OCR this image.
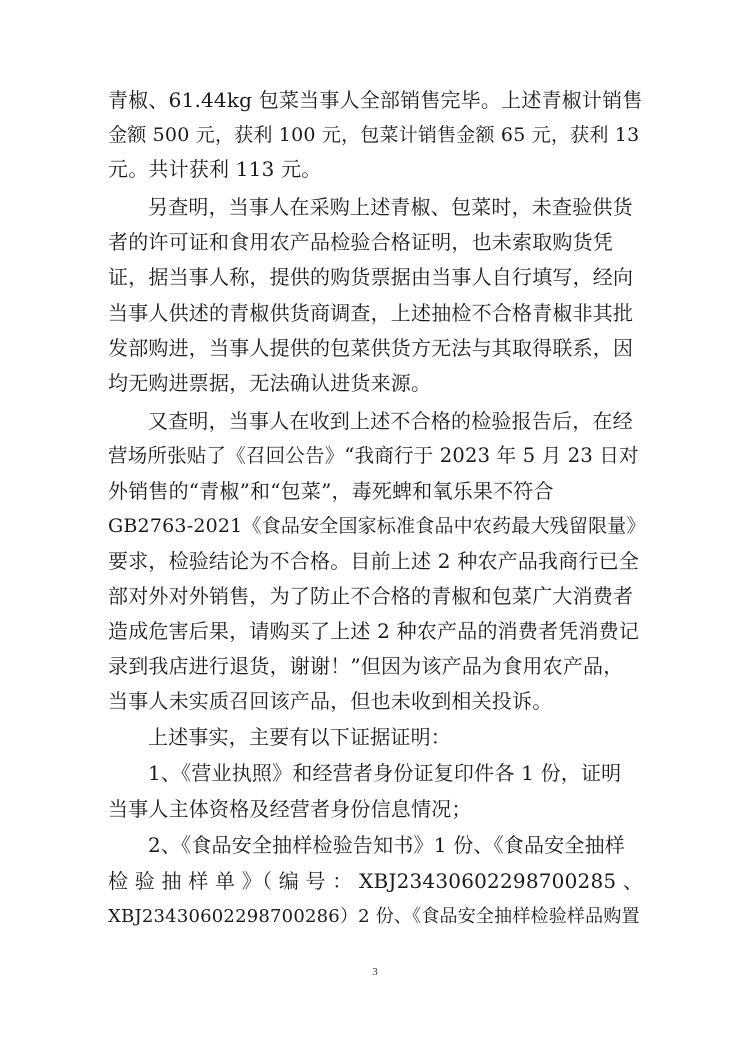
青椒、61.44kg 包菜当事人全部销售完毕。上述青椒计销售
金额 500 元，获利 100 元，包菜计销售金额 65 元，获利 13
元。共计获利 113 元。
另查明，当事人在采购上述青椒、包菜时，未查验供货
者的许可证和食用农产品检验合格证明，也未索取购货凭
证，据当事人称，提供的购货票据由当事人自行填写，经向
当事人供述的青椒供货商调查，上述抽检不合格青椒非其批
发部购进，当事人提供的包菜供货方无法与其取得联系，因
均无购进票据，无法确认进货来源。
又查明，当事人在收到上述不合格的检验报告后，在经
营场所张贴了《召回公告》“我商行于 2023 年 5 月 23 日对
外销售的“青椒”和“包菜”，毒死蜱和氧乐果不符合
GB2763-2021《食品安全国家标准食品中农药最大残留限量》
要求，检验结论为不合格。目前上述 2 种农产品我商行已全
部对外对外销售，为了防止不合格的青椒和包菜广大消费者
造成危害后果，请购买了上述 2 种农产品的消费者凭消费记
录到我店进行退货，谢谢！”但因为该产品为食用农产品，
当事人未实质召回该产品，但也未收到相关投诉。
上述事实，主要有以下证据证明：
1、《营业执照》和经营者身份证复印件各 1 份，证明
当事人主体资格及经营者身份信息情况；
2、《食品安全抽样检验告知书》1 份、《食品安全抽样
检 验 抽 样 单 》（ 编 号 ： XBJ23430602298700285 、
XBJ23430602298700286）2 份、《食品安全抽样检验样品购置
3
